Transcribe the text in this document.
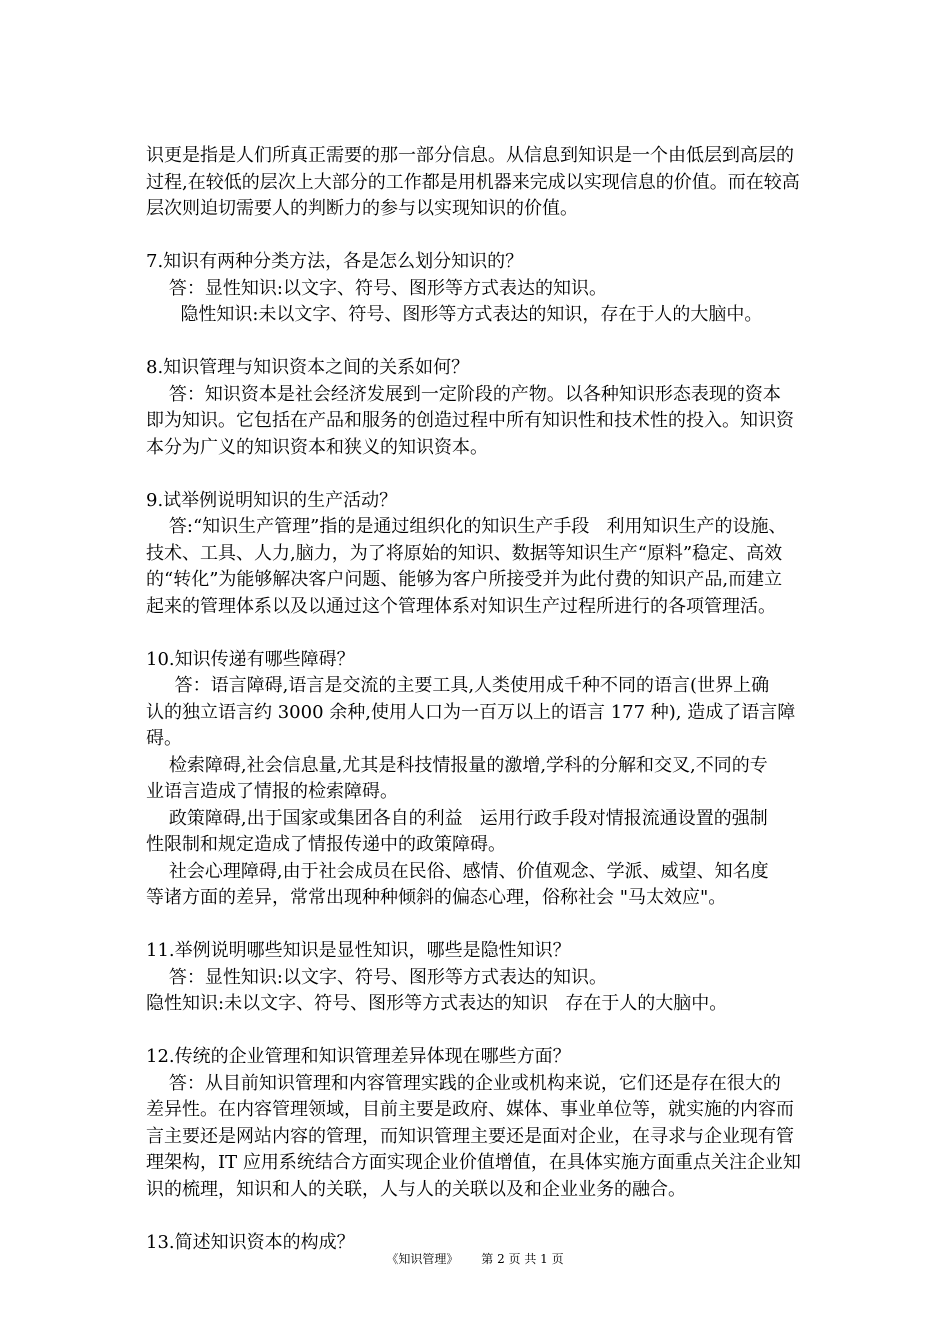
识更是指是人们所真正需要的那一部分信息。从信息到知识是一个由低层到高层的
过程,在较低的层次上大部分的工作都是用机器来完成以实现信息的价值。而在较高
层次则迫切需要人的判断力的参与以实现知识的价值。
7.知识有两种分类方法，各是怎么划分知识的？
答：显性知识:以文字、符号、图形等方式表达的知识。
隐性知识:未以文字、符号、图形等方式表达的知识，存在于人的大脑中。
8.知识管理与知识资本之间的关系如何？
答：知识资本是社会经济发展到一定阶段的产物。以各种知识形态表现的资本
即为知识。它包括在产品和服务的创造过程中所有知识性和技术性的投入。知识资
本分为广义的知识资本和狭义的知识资本。
9.试举例说明知识的生产活动？
答:“知识生产管理”指的是通过组织化的知识生产手段   利用知识生产的设施、
技术、工具、人力,脑力，为了将原始的知识、数据等知识生产“原料”稳定、高效
的“转化”为能够解决客户问题、能够为客户所接受并为此付费的知识产品,而建立
起来的管理体系以及以通过这个管理体系对知识生产过程所进行的各项管理活。
10.知识传递有哪些障碍？
答：语言障碍,语言是交流的主要工具,人类使用成千种不同的语言(世界上确
认的独立语言约 3000 余种,使用人口为一百万以上的语言 177 种), 造成了语言障
碍。
检索障碍,社会信息量,尤其是科技情报量的激增,学科的分解和交叉,不同的专
业语言造成了情报的检索障碍。
政策障碍,出于国家或集团各自的利益   运用行政手段对情报流通设置的强制
性限制和规定造成了情报传递中的政策障碍。
社会心理障碍,由于社会成员在民俗、感情、价值观念、学派、威望、知名度
等诸方面的差异，常常出现种种倾斜的偏态心理，俗称社会 "马太效应"。
11.举例说明哪些知识是显性知识，哪些是隐性知识？
答：显性知识:以文字、符号、图形等方式表达的知识。
隐性知识:未以文字、符号、图形等方式表达的知识   存在于人的大脑中。
12.传统的企业管理和知识管理差异体现在哪些方面？
答：从目前知识管理和内容管理实践的企业或机构来说，它们还是存在很大的
差异性。在内容管理领域，目前主要是政府、媒体、事业单位等，就实施的内容而
言主要还是网站内容的管理，而知识管理主要还是面对企业，在寻求与企业现有管
理架构，IT 应用系统结合方面实现企业价值增值，在具体实施方面重点关注企业知
识的梳理，知识和人的关联，人与人的关联以及和企业业务的融合。
13.简述知识资本的构成？
《知识管理》      第 2 页 共 1 页
